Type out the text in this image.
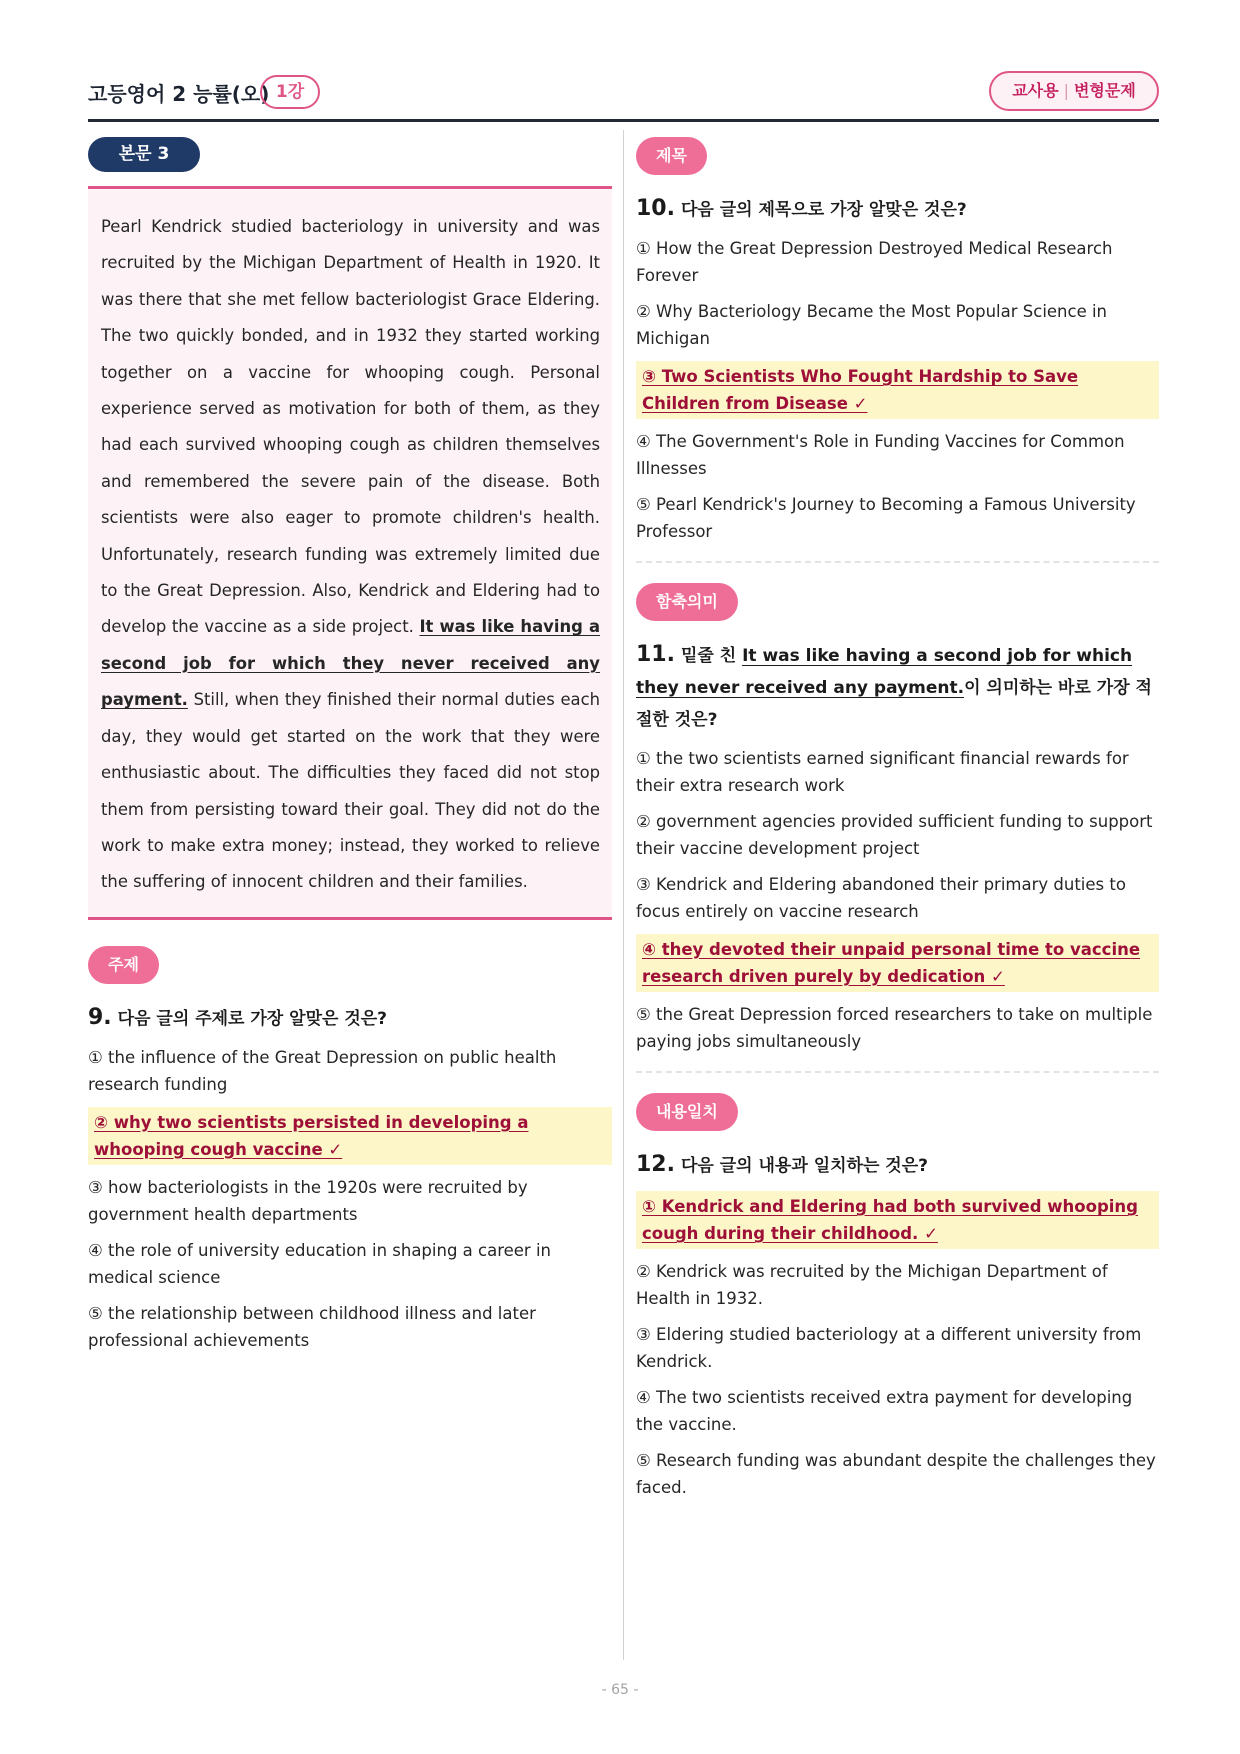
고등영어 2 능률(오) 1강	교사용 | 변형문제
본문 3

Pearl Kendrick studied bacteriology in university and was recruited by the Michigan Department of Health in 1920. It was there that she met fellow bacteriologist Grace Eldering. The two quickly bonded, and in 1932 they started working together on a vaccine for whooping cough. Personal experience served as motivation for both of them, as they had each survived whooping cough as children themselves and remembered the severe pain of the disease. Both scientists were also eager to promote children's health. Unfortunately, research funding was extremely limited due to the Great Depression. Also, Kendrick and Eldering had to develop the vaccine as a side project. It was like having a second job for which they never received any payment. Still, when they finished their normal duties each day, they would get started on the work that they were enthusiastic about. The difficulties they faced did not stop them from persisting toward their goal. They did not do the work to make extra money; instead, they worked to relieve the suffering of innocent children and their families.

주제
9. 다음 글의 주제로 가장 알맞은 것은?
① the influence of the Great Depression on public health research funding
② why two scientists persisted in developing a whooping cough vaccine ✓
③ how bacteriologists in the 1920s were recruited by government health departments
④ the role of university education in shaping a career in medical science
⑤ the relationship between childhood illness and later professional achievements
제목
10. 다음 글의 제목으로 가장 알맞은 것은?
① How the Great Depression Destroyed Medical Research Forever
② Why Bacteriology Became the Most Popular Science in Michigan
③ Two Scientists Who Fought Hardship to Save Children from Disease ✓
④ The Government's Role in Funding Vaccines for Common Illnesses
⑤ Pearl Kendrick's Journey to Becoming a Famous University Professor
함축의미
11. 밑줄 친 It was like having a second job for which they never received any payment.이 의미하는 바로 가장 적절한 것은?
① the two scientists earned significant financial rewards for their extra research work
② government agencies provided sufficient funding to support their vaccine development project
③ Kendrick and Eldering abandoned their primary duties to focus entirely on vaccine research
④ they devoted their unpaid personal time to vaccine research driven purely by dedication ✓
⑤ the Great Depression forced researchers to take on multiple paying jobs simultaneously
내용일치
12. 다음 글의 내용과 일치하는 것은?
① Kendrick and Eldering had both survived whooping cough during their childhood. ✓
② Kendrick was recruited by the Michigan Department of Health in 1932.
③ Eldering studied bacteriology at a different university from Kendrick.
④ The two scientists received extra payment for developing the vaccine.
⑤ Research funding was abundant despite the challenges they faced.
- 65 -
